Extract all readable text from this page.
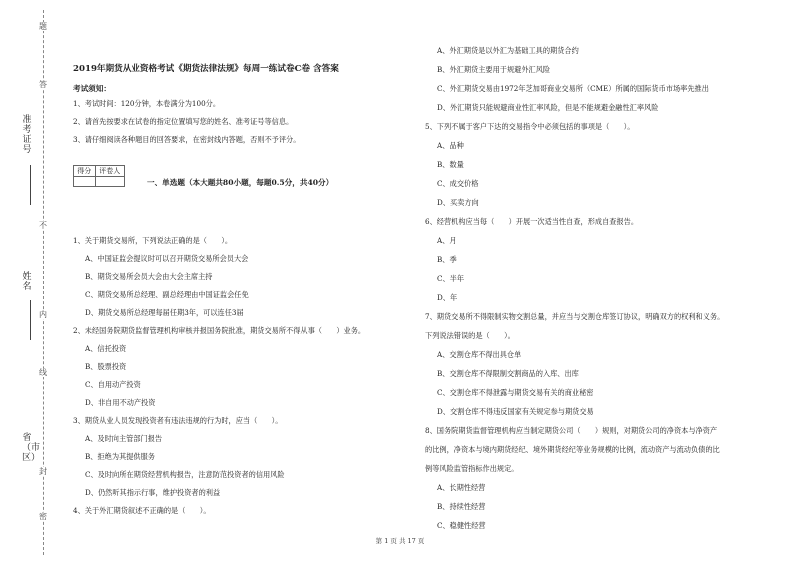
题
答
不
内
线
封
密
准考证号
姓名
省（市区）

2019年期货从业资格考试《期货法律法规》每周一练试卷C卷 含答案

考试须知：

1、考试时间：120分钟，本卷满分为100分。

2、请首先按要求在试卷的指定位置填写您的姓名、准考证号等信息。

3、请仔细阅读各种题目的回答要求，在密封线内答题，否则不予评分。

得分	评卷人

一、单选题（本大题共80小题，每题0.5分，共40分）

1、关于期货交易所，下列说法正确的是（　　）。

A、中国证监会提议时可以召开期货交易所会员大会

B、期货交易所会员大会由大会主席主持

C、期货交易所总经理、副总经理由中国证监会任免

D、期货交易所总经理每届任期3年，可以连任3届

2、未经国务院期货监督管理机构审核并报国务院批准，期货交易所不得从事（　　）业务。

A、信托投资

B、股票投资

C、自用动产投资

D、非自用不动产投资

3、期货从业人员发现投资者有违法违规的行为时，应当（　　）。

A、及时向主管部门报告

B、拒绝为其提供服务

C、及时向所在期货经营机构报告，注意防范投资者的信用风险

D、仍然听其指示行事，维护投资者的利益

4、关于外汇期货叙述不正确的是（　　）。

A、外汇期货是以外汇为基础工具的期货合约

B、外汇期货主要用于规避外汇风险

C、外汇期货交易由1972年芝加哥商业交易所（CME）所属的国际货币市场率先推出

D、外汇期货只能规避商业性汇率风险，但是不能规避金融性汇率风险

5、下列不属于客户下达的交易指令中必须包括的事项是（　　）。

A、品种

B、数量

C、成交价格

D、买卖方向

6、经营机构应当每（　　）开展一次适当性自查，形成自查报告。

A、月

B、季

C、半年

D、年

7、期货交易所不得限制实物交割总量，并应当与交割仓库签订协议，明确双方的权利和义务。

下列说法错误的是（　　）。

A、交割仓库不得出具仓单

B、交割仓库不得限制交割商品的入库、出库

C、交割仓库不得泄露与期货交易有关的商业秘密

D、交割仓库不得违反国家有关规定参与期货交易

8、国务院期货监督管理机构应当制定期货公司（　　）规则，对期货公司的净资本与净资产

的比例，净资本与境内期货经纪、境外期货经纪等业务规模的比例，流动资产与流动负债的比

例等风险监管指标作出规定。

A、长期性经营

B、持续性经营

C、稳健性经营

第 1 页 共 17 页
